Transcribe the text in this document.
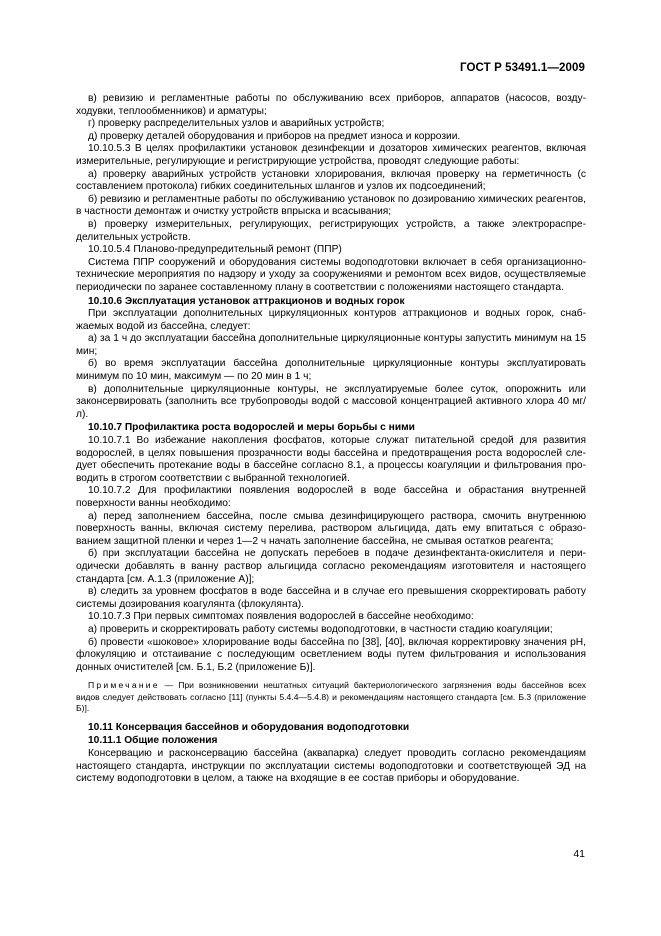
ГОСТ Р 53491.1—2009

в) ревизию и регламентные работы по обслуживанию всех приборов, аппаратов (насосов, воздуходувки, теплообменников) и арматуры;

г) проверку распределительных узлов и аварийных устройств;

д) проверку деталей оборудования и приборов на предмет износа и коррозии.

10.10.5.3 В целях профилактики установок дезинфекции и дозаторов химических реагентов, включая измерительные, регулирующие и регистрирующие устройства, проводят следующие работы:

а) проверку аварийных устройств установки хлорирования, включая проверку на герметичность (с составлением протокола) гибких соединительных шлангов и узлов их подсоединений;

б) ревизию и регламентные работы по обслуживанию установок по дозированию химических реагентов, в частности демонтаж и очистку устройств впрыска и всасывания;

в) проверку измерительных, регулирующих, регистрирующих устройств, а также электрораспределительных устройств.

10.10.5.4 Планово-предупредительный ремонт (ППР)

Система ППР сооружений и оборудования системы водоподготовки включает в себя организационно-технические мероприятия по надзору и уходу за сооружениями и ремонтом всех видов, осуществляемые периодически по заранее составленному плану в соответствии с положениями настоящего стандарта.

10.10.6 Эксплуатация установок аттракционов и водных горок

При эксплуатации дополнительных циркуляционных контуров аттракционов и водных горок, снабжаемых водой из бассейна, следует:

а) за 1 ч до эксплуатации бассейна дополнительные циркуляционные контуры запустить минимум на 15 мин;

б) во время эксплуатации бассейна дополнительные циркуляционные контуры эксплуатировать минимум по 10 мин, максимум — по 20 мин в 1 ч;

в) дополнительные циркуляционные контуры, не эксплуатируемые более суток, опорожнить или законсервировать (заполнить все трубопроводы водой с массовой концентрацией активного хлора 40 мг/л).

10.10.7 Профилактика роста водорослей и меры борьбы с ними

10.10.7.1 Во избежание накопления фосфатов, которые служат питательной средой для развития водорослей, в целях повышения прозрачности воды бассейна и предотвращения роста водорослей следует обеспечить протекание воды в бассейне согласно 8.1, а процессы коагуляции и фильтрования проводить в строгом соответствии с выбранной технологией.

10.10.7.2 Для профилактики появления водорослей в воде бассейна и обрастания внутренней поверхности ванны необходимо:

а) перед заполнением бассейна, после смыва дезинфицирующего раствора, смочить внутреннюю поверхность ванны, включая систему перелива, раствором альгицида, дать ему впитаться с образованием защитной пленки и через 1—2 ч начать заполнение бассейна, не смывая остатков реагента;

б) при эксплуатации бассейна не допускать перебоев в подаче дезинфектанта-окислителя и периодически добавлять в ванну раствор альгицида согласно рекомендациям изготовителя и настоящего стандарта [см. А.1.3 (приложение А)];

в) следить за уровнем фосфатов в воде бассейна и в случае его превышения скорректировать работу системы дозирования коагулянта (флокулянта).

10.10.7.3 При первых симптомах появления водорослей в бассейне необходимо:

а) проверить и скорректировать работу системы водоподготовки, в частности стадию коагуляции;

б) провести «шоковое» хлорирование воды бассейна по [38], [40], включая корректировку значения рН, флокуляцию и отстаивание с последующим осветлением воды путем фильтрования и использования донных очистителей [см. Б.1, Б.2 (приложение Б)].

Примечание — При возникновении нештатных ситуаций бактериологического загрязнения воды бассейнов всех видов следует действовать согласно [11] (пункты 5.4.4—5.4.8) и рекомендациям настоящего стандарта [см. Б.3 (приложение Б)].

10.11 Консервация бассейнов и оборудования водоподготовки

10.11.1 Общие положения

Консервацию и расконсервацию бассейна (аквапарка) следует проводить согласно рекомендациям настоящего стандарта, инструкции по эксплуатации системы водоподготовки и соответствующей ЭД на систему водоподготовки в целом, а также на входящие в ее состав приборы и оборудование.

41
